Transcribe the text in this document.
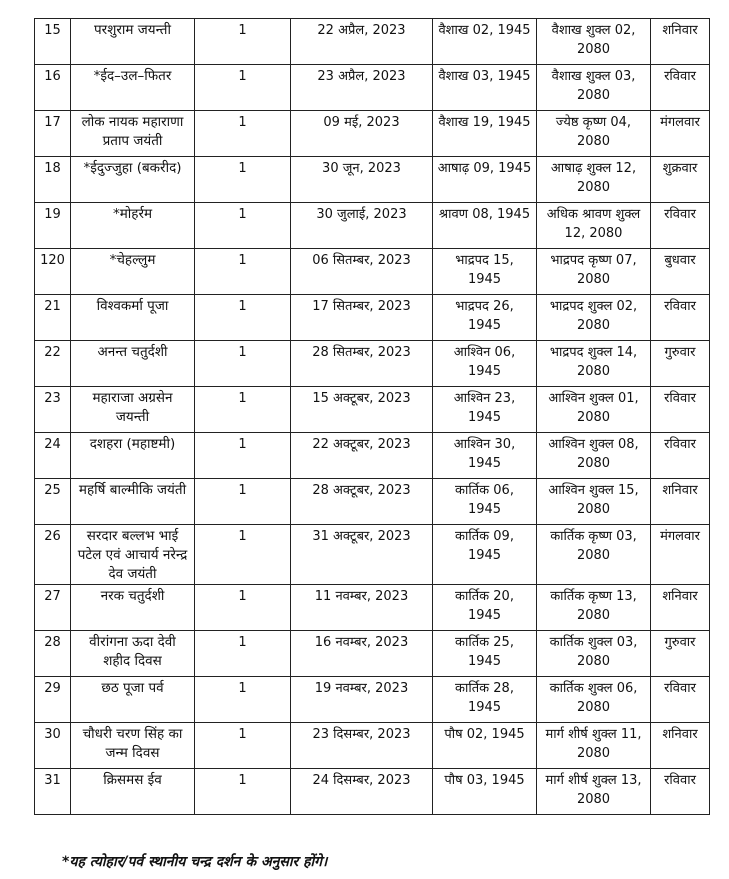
15	परशुराम जयन्ती	1	22 अप्रैल, 2023	वैशाख 02, 1945	वैशाख शुक्ल 02, 2080	शनिवार
16	*ईद–उल–फितर	1	23 अप्रैल, 2023	वैशाख 03, 1945	वैशाख शुक्ल 03, 2080	रविवार
17	लोक नायक महाराणा प्रताप जयंती	1	09 मई, 2023	वैशाख 19, 1945	ज्येष्ठ कृष्ण 04, 2080	मंगलवार
18	*ईदुज्जुहा (बकरीद)	1	30 जून, 2023	आषाढ़ 09, 1945	आषाढ़ शुक्ल 12, 2080	शुक्रवार
19	*मोहर्रम	1	30 जुलाई, 2023	श्रावण 08, 1945	अधिक श्रावण शुक्ल 12, 2080	रविवार
120	*चेहल्लुम	1	06 सितम्बर, 2023	भाद्रपद 15, 1945	भाद्रपद कृष्ण 07, 2080	बुधवार
21	विश्वकर्मा पूजा	1	17 सितम्बर, 2023	भाद्रपद 26, 1945	भाद्रपद शुक्ल 02, 2080	रविवार
22	अनन्त चतुर्दशी	1	28 सितम्बर, 2023	आश्विन 06, 1945	भाद्रपद शुक्ल 14, 2080	गुरुवार
23	महाराजा अग्रसेन जयन्ती	1	15 अक्टूबर, 2023	आश्विन 23, 1945	आश्विन शुक्ल 01, 2080	रविवार
24	दशहरा (महाष्टमी)	1	22 अक्टूबर, 2023	आश्विन 30, 1945	आश्विन शुक्ल 08, 2080	रविवार
25	महर्षि बाल्मीकि जयंती	1	28 अक्टूबर, 2023	कार्तिक 06, 1945	आश्विन शुक्ल 15, 2080	शनिवार
26	सरदार बल्लभ भाई पटेल एवं आचार्य नरेन्द्र देव जयंती	1	31 अक्टूबर, 2023	कार्तिक 09, 1945	कार्तिक कृष्ण 03, 2080	मंगलवार
27	नरक चतुर्दशी	1	11 नवम्बर, 2023	कार्तिक 20, 1945	कार्तिक कृष्ण 13, 2080	शनिवार
28	वीरांगना ऊदा देवी शहीद दिवस	1	16 नवम्बर, 2023	कार्तिक 25, 1945	कार्तिक शुक्ल 03, 2080	गुरुवार
29	छठ पूजा पर्व	1	19 नवम्बर, 2023	कार्तिक 28, 1945	कार्तिक शुक्ल 06, 2080	रविवार
30	चौधरी चरण सिंह का जन्म दिवस	1	23 दिसम्बर, 2023	पौष 02, 1945	मार्ग शीर्ष शुक्ल 11, 2080	शनिवार
31	क्रिसमस ईव	1	24 दिसम्बर, 2023	पौष 03, 1945	मार्ग शीर्ष शुक्ल 13, 2080	रविवार
*यह त्योहार/पर्व स्थानीय चन्द्र दर्शन के अनुसार होंगे।
